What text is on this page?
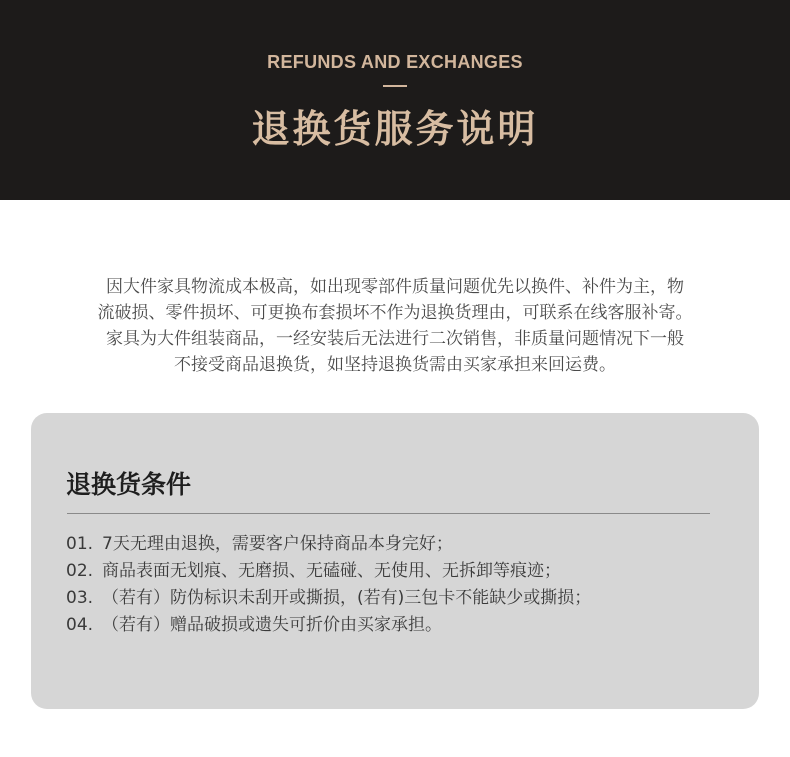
REFUNDS AND EXCHANGES
退换货服务说明
因大件家具物流成本极高，如出现零部件质量问题优先以换件、补件为主，物
流破损、零件损坏、可更换布套损坏不作为退换货理由，可联系在线客服补寄。
家具为大件组装商品，一经安装后无法进行二次销售，非质量问题情况下一般
不接受商品退换货，如坚持退换货需由买家承担来回运费。
退换货条件
01. 7天无理由退换，需要客户保持商品本身完好；
02. 商品表面无划痕、无磨损、无磕碰、无使用、无拆卸等痕迹；
03. （若有）防伪标识未刮开或撕损，(若有)三包卡不能缺少或撕损；
04. （若有）赠品破损或遗失可折价由买家承担。
